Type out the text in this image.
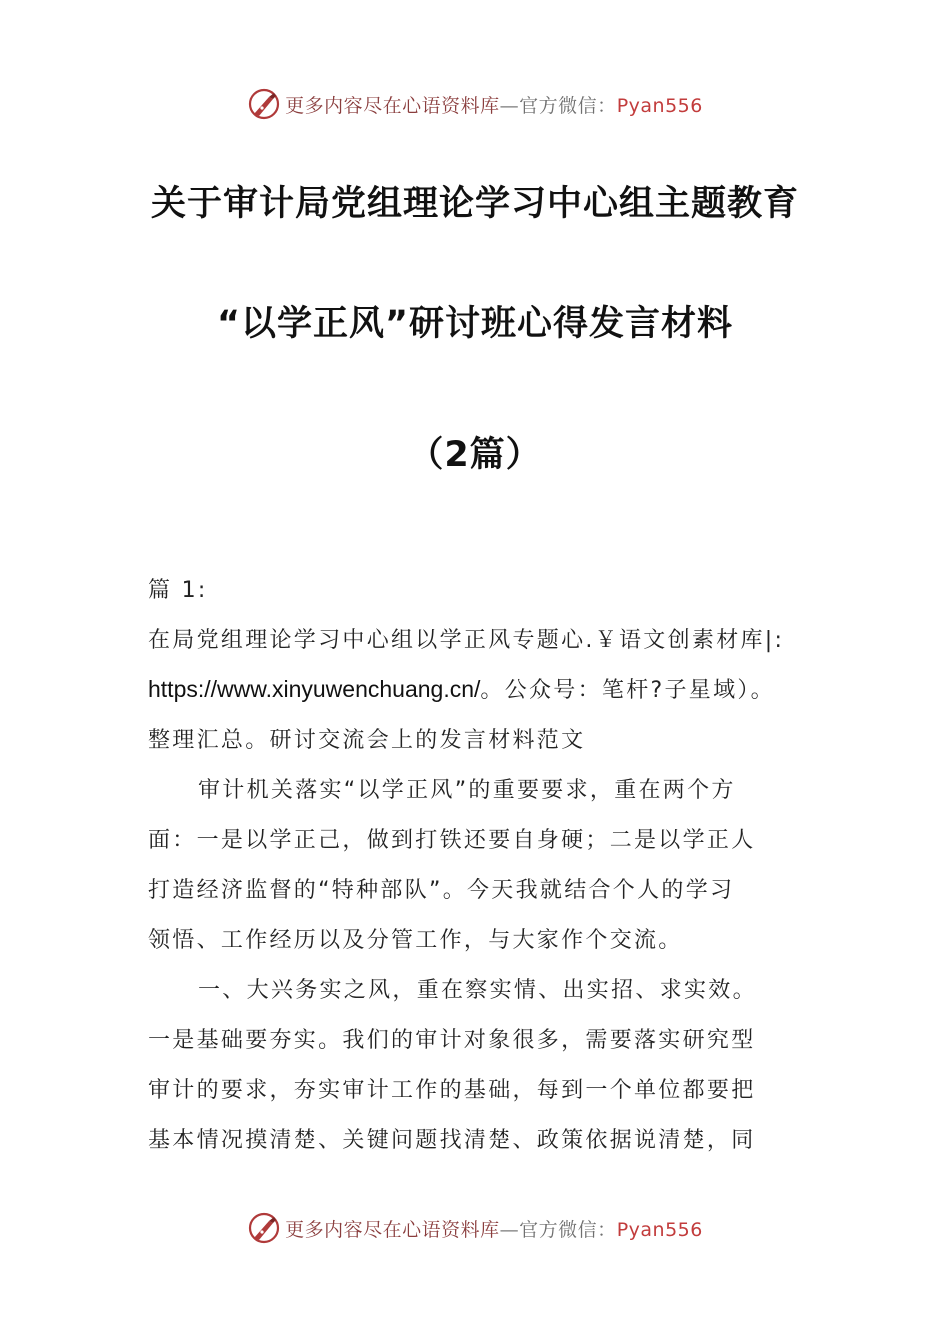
更多内容尽在心语资料库—官方微信：Pyan556
关于审计局党组理论学习中心组主题教育
“以学正风”研讨班心得发言材料
（2篇）
篇 1:
在局党组理论学习中心组以学正风专题心.￥语文创素材库|:
https://www.xinyuwenchuang.cn/。公众号：笔杆?子星域）。
整理汇总。研讨交流会上的发言材料范文
审计机关落实“以学正风”的重要要求，重在两个方
面：一是以学正己，做到打铁还要自身硬；二是以学正人
打造经济监督的“特种部队”。今天我就结合个人的学习
领悟、工作经历以及分管工作，与大家作个交流。
一、大兴务实之风，重在察实情、出实招、求实效。
一是基础要夯实。我们的审计对象很多，需要落实研究型
审计的要求，夯实审计工作的基础，每到一个单位都要把
基本情况摸清楚、关键问题找清楚、政策依据说清楚，同
更多内容尽在心语资料库—官方微信：Pyan556
